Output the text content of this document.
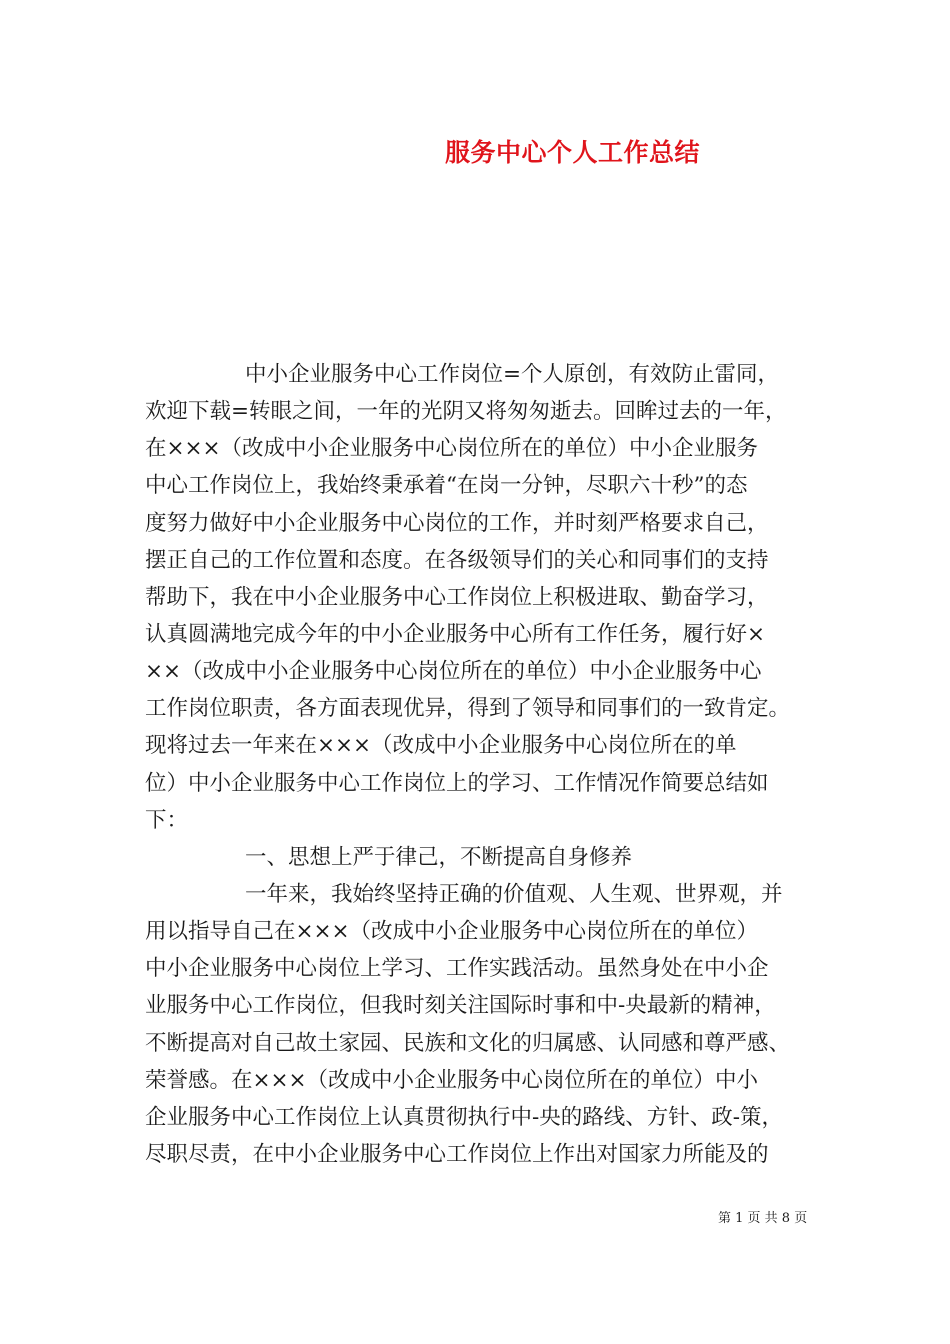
服务中心个人工作总结
中小企业服务中心工作岗位=个人原创，有效防止雷同，
欢迎下载=转眼之间，一年的光阴又将匆匆逝去。回眸过去的一年，
在×××（改成中小企业服务中心岗位所在的单位）中小企业服务
中心工作岗位上，我始终秉承着“在岗一分钟，尽职六十秒”的态
度努力做好中小企业服务中心岗位的工作，并时刻严格要求自己，
摆正自己的工作位置和态度。在各级领导们的关心和同事们的支持
帮助下，我在中小企业服务中心工作岗位上积极进取、勤奋学习，
认真圆满地完成今年的中小企业服务中心所有工作任务，履行好×
××（改成中小企业服务中心岗位所在的单位）中小企业服务中心
工作岗位职责，各方面表现优异，得到了领导和同事们的一致肯定。
现将过去一年来在×××（改成中小企业服务中心岗位所在的单
位）中小企业服务中心工作岗位上的学习、工作情况作简要总结如
下：
一、思想上严于律己，不断提高自身修养
一年来，我始终坚持正确的价值观、人生观、世界观，并
用以指导自己在×××（改成中小企业服务中心岗位所在的单位）
中小企业服务中心岗位上学习、工作实践活动。虽然身处在中小企
业服务中心工作岗位，但我时刻关注国际时事和中-央最新的精神，
不断提高对自己故土家园、民族和文化的归属感、认同感和尊严感、
荣誉感。在×××（改成中小企业服务中心岗位所在的单位）中小
企业服务中心工作岗位上认真贯彻执行中-央的路线、方针、政-策，
尽职尽责，在中小企业服务中心工作岗位上作出对国家力所能及的
第 1 页 共 8 页
